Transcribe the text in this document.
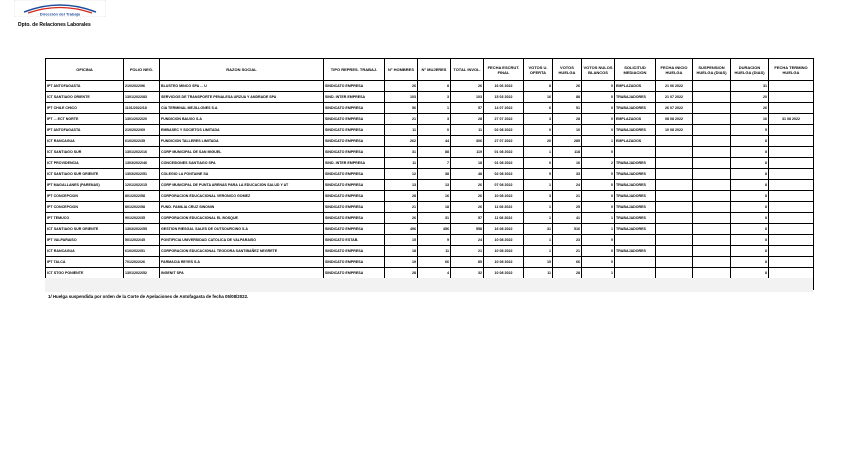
Dirección del Trabajo
Dpto. de Relaciones Laborales
OFICINA	FOLIO NEG.	RAZON SOCIAL	TIPO REPRES. TRABAJ.	N° HOMBRES	N° MUJERES	TOTAL INVOL.	FECHA ESCRUT. FINAL	VOTOS U. OFERTA	VOTOS HUELGA	VOTOS NULOS BLANCOS	SOLICITUD MEDIACION	FECHA INICIO HUELGA	SUSPENSION HUELGA (DIAS)	DURACION HUELGA (DIAS)	FECHA TERMINO HUELGA
IPT ANTOFAGASTA	210/2022/96	BLUSTEO MINCO SPA ... U	SINDICATO EMPRESA	26	8	26	16 06 2022	8	26	0	EMPLAZADOS	21 06 2022		31	
ICT SANTIAGO ORIENTE	1301/2022/83	SERVICIOS DE TRANSPORTE PENALESA URZUA Y ANDRADE SPA	SIND. INTER EMPRESA	103	3	103	15 03 2022	16	88	0	TRABAJADORES	21 07 2022		20	
IPT CHILE CHICO	1101/2022/18	CIA TERMINAL MEJILLONES S.A	SINDICATO EMPRESA	56	1	57	14 07 2022	6	51	0	TRABAJADORES	26 07 2022		26	
IPT ... ECT NORTE	1301/2022/20	FUNDICION BAUXO S.A	SINDICATO EMPRESA	21	3	28	27 07 2022	3	28	0	EMPLAZADOS	08 08 2022		16	31 08 2022
IPT ANTOFAGASTA	210/2022/69	EMBASEC Y SOCIETOS LIMITADA	SINDICATO EMPRESA	11	0	11	02 08 2022	0	10	0	TRABAJADORES	10 08 2022		5	
ICT RANCAGUA	610/2022/35	FUNDICION TALLERES LIMITADA	SINDICATO EMPRESA	262	44	306	27 07 2022	20	285	1	EMPLAZADOS			8	
ICT SANTIAGO SUR	1301/2022/16	CORP MUNICIPAL DE SAN MIGUEL	SINDICATO EMPRESA	31	88	119	01 08 2022	1	118	0				8	
ICT PROVIDENCIA	1303/2022/46	CONCESIONES SANTIAGO SPA	SIND. INTER EMPRESA	11	7	18	01 08 2022	0	16	2	TRABAJADORES			8	
ICT SANTIAGO SUR ORIENTE	1303/2022/51	COLEGIO LA FONTAINE SA	SINDICATO EMPRESA	12	38	48	02 08 2022	5	33	0	TRABAJADORES			8	
IPT MAGALLANES (PARENAS)	1201/2022/15	CORP MUNICIPAL DE PUNTA ARENAS PARA LA EDUCACION SALUD Y AT	SINDICATO EMPRESA	13	13	26	07 08 2022	1	24	0	TRABAJADORES			8	
IPT CONCEPCION	801/2022/58	CORPORACION EDUCACIONAL VERONICO GOMEZ	SINDICATO EMPRESA	28	16	26	10 08 2022	3	21	0	TRABAJADORES			8	
IPT CONCEPCION	801/2022/58	FUND. FAMILIA CRUZ SINONIN	SINDICATO EMPRESA	21	18	26	11 08 2022	1	25	0	TRABAJADORES			8	
IPT TEMUCO	901/2022/35	CORPORACION EDUCACIONAL EL BOSQUE	SINDICATO EMPRESA	26	31	57	11 08 2022	1	41	1	TRABAJADORES			8	
ICT SANTIAGO SUR ORIENTE	1303/2022/55	GESTION RIESGAL SALES DE OUTSOURCING S.A	SINDICATO EMPRESA	496	456	558	16 08 2022	31	516	1	TRABAJADORES			8	
IPT VALPARAISO	501/2022/45	PONTIFICIA UNIVERSIDAD CATOLICA DE VALPARAISO	SINDICATO ESTAB.	15	9	24	10 08 2022	1	23	0				8	
ICT RANCAGUA	610/2022/51	CORPORACION EDUCACIONAL TEODORA SANTIBAÑEZ NEGRETE	SINDICATO EMPRESA	18	11	21	10 08 2022	1	21	0	TRABAJADORES			8	
IPT TALCA	701/2022/26	FARMACIA REYES S.A	SINDICATO EMPRESA	19	66	85	10 08 2022	15	66	0				8	
ICT STGO PONIENTE	1301/2022/52	INGENIT SPA	SINDICATO EMPRESA	28	4	32	10 08 2022	11	28	1				8	

1/ Huelga suspendida por orden de la Corte de Apelaciones de Antofagasta de fecha 05/08/2022.
